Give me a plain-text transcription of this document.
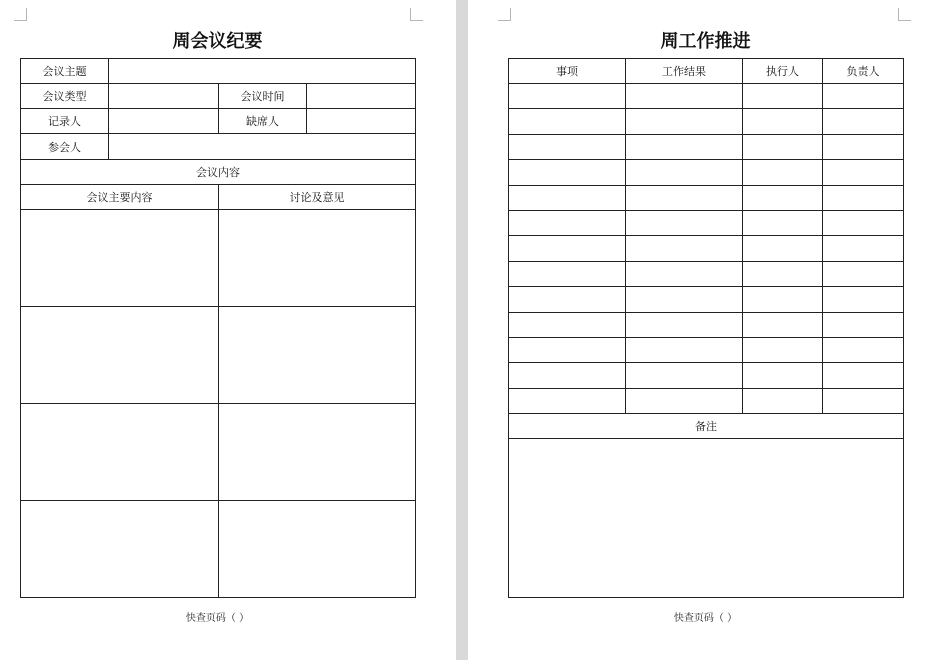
周会议纪要
会议主题			
会议类型		会议时间	
记录人		缺席人	
参会人			
会议内容			
会议主要内容		讨论及意见	

快查页码（ ）
周工作推进
事项	工作结果	执行人	负责人

备注			

快查页码（ ）
